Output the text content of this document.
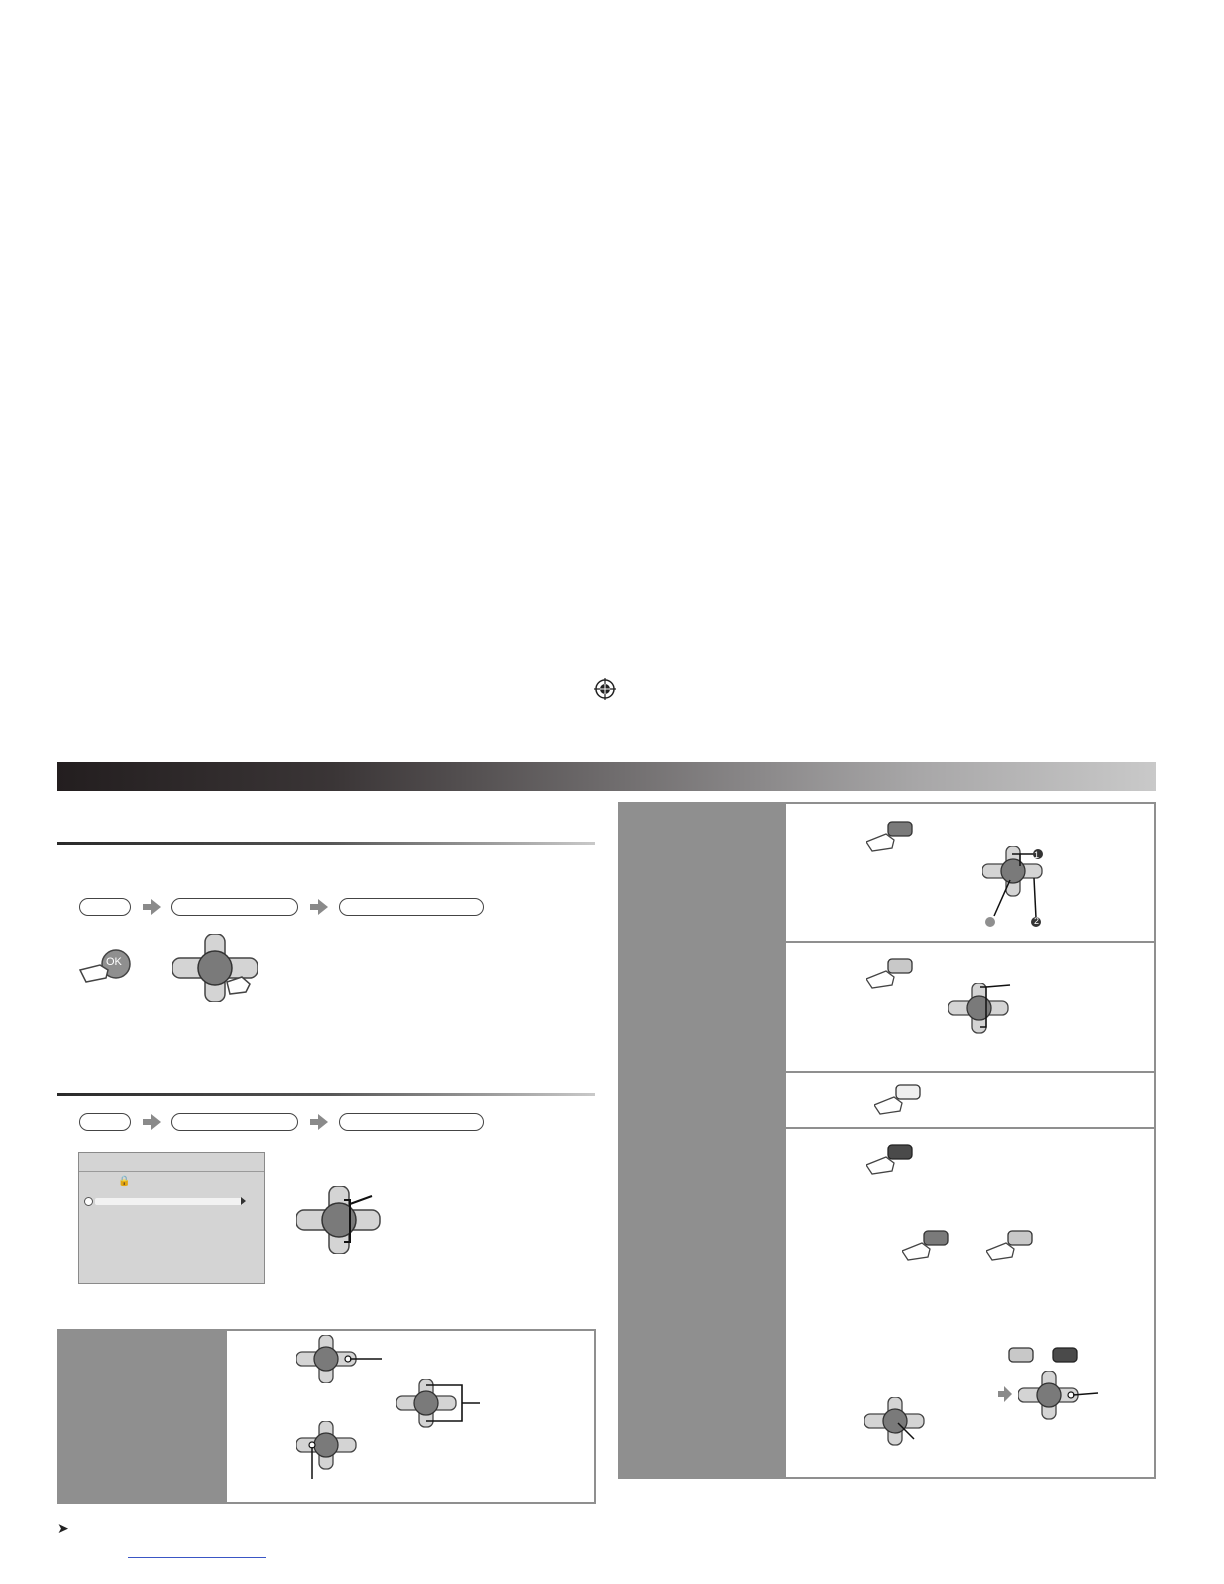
OK
🔒

➤

	2
1
